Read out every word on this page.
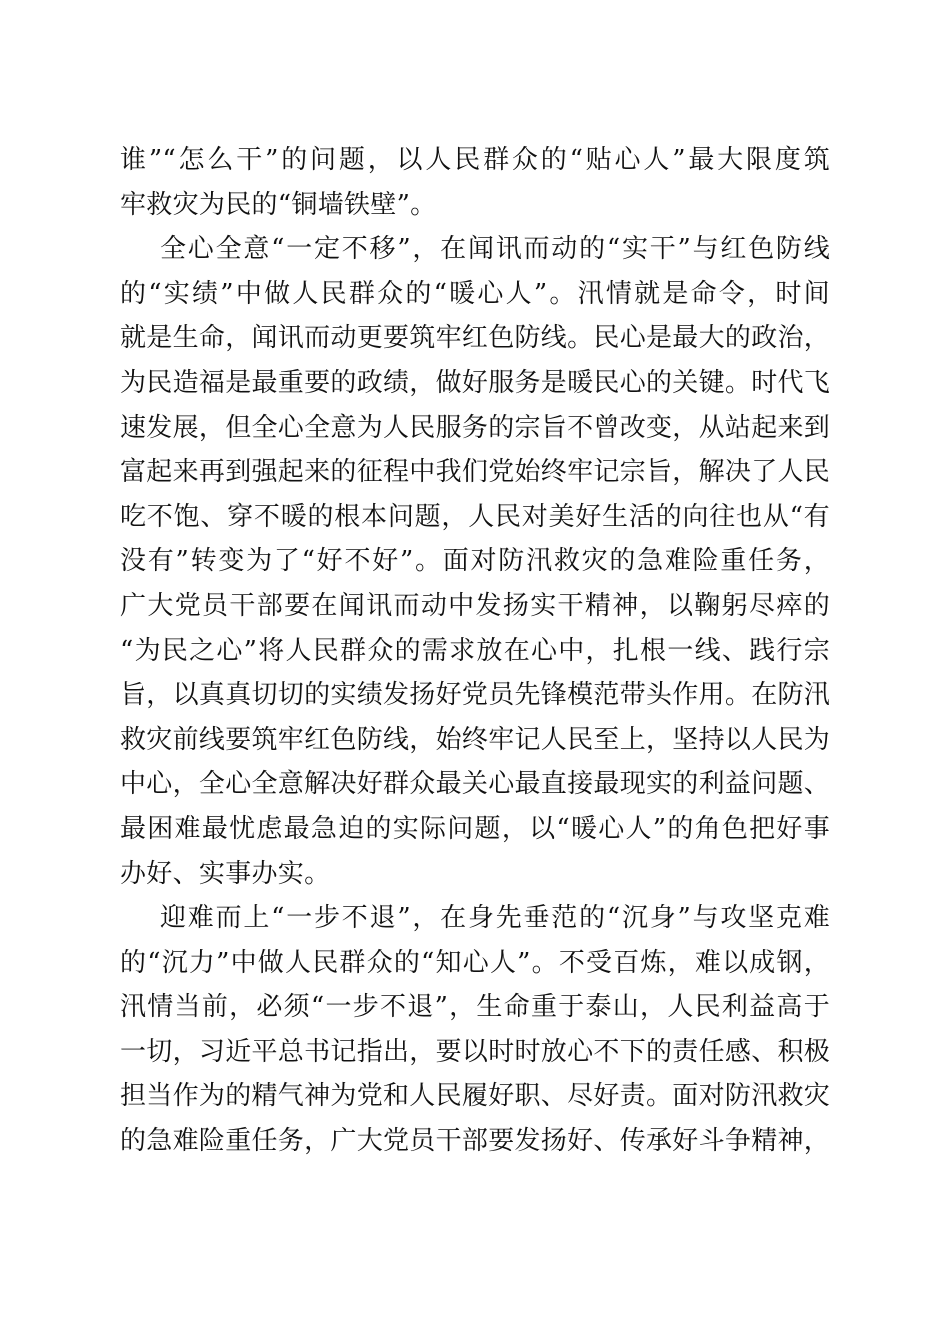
谁”“怎么干”的问题，以人民群众的“贴心人”最大限度筑
牢救灾为民的“铜墙铁壁”。
全心全意“一定不移”，在闻讯而动的“实干”与红色防线
的“实绩”中做人民群众的“暖心人”。汛情就是命令，时间
就是生命，闻讯而动更要筑牢红色防线。民心是最大的政治，
为民造福是最重要的政绩，做好服务是暖民心的关键。时代飞
速发展，但全心全意为人民服务的宗旨不曾改变，从站起来到
富起来再到强起来的征程中我们党始终牢记宗旨，解决了人民
吃不饱、穿不暖的根本问题，人民对美好生活的向往也从“有
没有”转变为了“好不好”。面对防汛救灾的急难险重任务，
广大党员干部要在闻讯而动中发扬实干精神，以鞠躬尽瘁的
“为民之心”将人民群众的需求放在心中，扎根一线、践行宗
旨，以真真切切的实绩发扬好党员先锋模范带头作用。在防汛
救灾前线要筑牢红色防线，始终牢记人民至上，坚持以人民为
中心，全心全意解决好群众最关心最直接最现实的利益问题、
最困难最忧虑最急迫的实际问题，以“暖心人”的角色把好事
办好、实事办实。
迎难而上“一步不退”，在身先垂范的“沉身”与攻坚克难
的“沉力”中做人民群众的“知心人”。不受百炼，难以成钢，
汛情当前，必须“一步不退”，生命重于泰山，人民利益高于
一切，习近平总书记指出，要以时时放心不下的责任感、积极
担当作为的精气神为党和人民履好职、尽好责。面对防汛救灾
的急难险重任务，广大党员干部要发扬好、传承好斗争精神，
